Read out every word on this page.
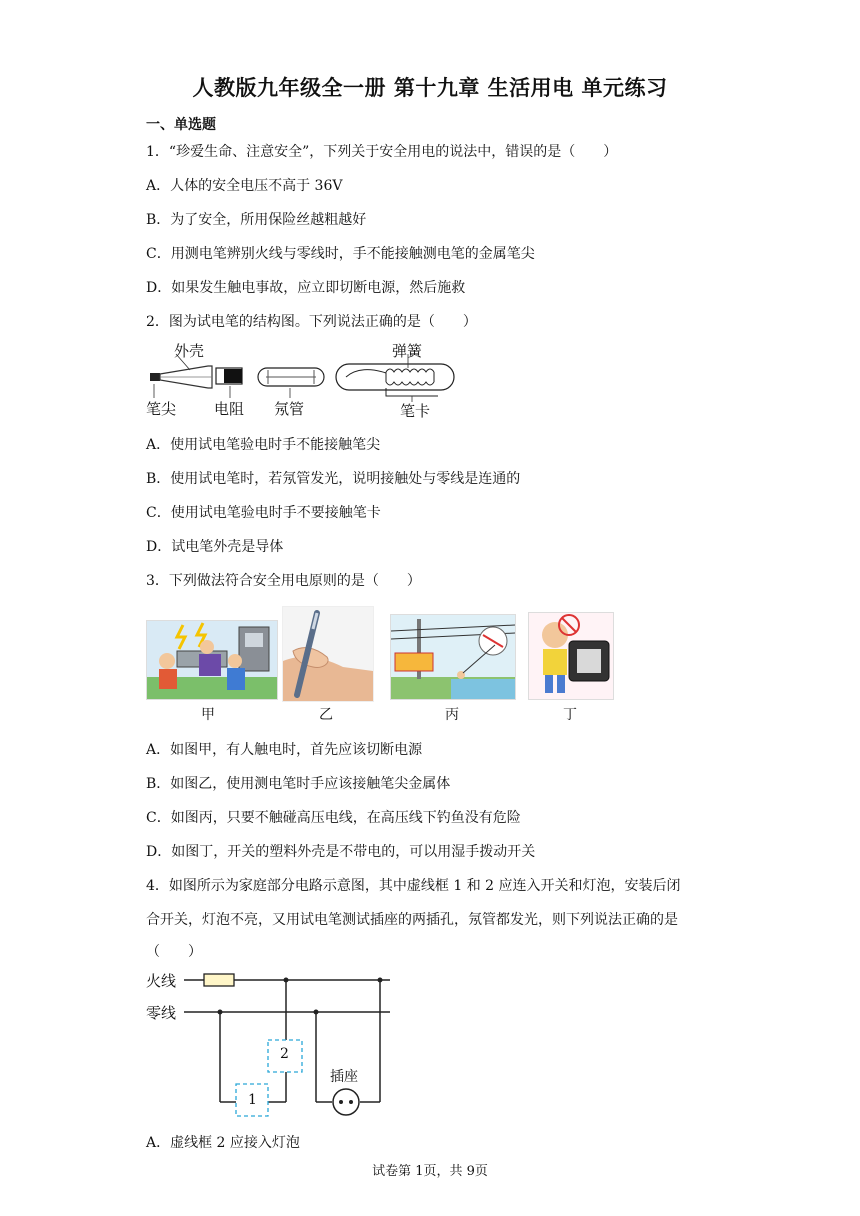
人教版九年级全一册 第十九章 生活用电 单元练习
一、单选题
1．“珍爱生命、注意安全”，下列关于安全用电的说法中，错误的是（　　）
A．人体的安全电压不高于 36V
B．为了安全，所用保险丝越粗越好
C．用测电笔辨别火线与零线时，手不能接触测电笔的金属笔尖
D．如果发生触电事故，应立即切断电源，然后施救
2．图为试电笔的结构图。下列说法正确的是（　　）
外壳	弹簧
笔尖	电阻 氖管	笔卡
A．使用试电笔验电时手不能接触笔尖
B．使用试电笔时，若氖管发光，说明接触处与零线是连通的
C．使用试电笔验电时手不要接触笔卡
D．试电笔外壳是导体
3．下列做法符合安全用电原则的是（　　）
甲	乙	丙	丁
A．如图甲，有人触电时，首先应该切断电源
B．如图乙，使用测电笔时手应该接触笔尖金属体
C．如图丙，只要不触碰高压电线，在高压线下钓鱼没有危险
D．如图丁，开关的塑料外壳是不带电的，可以用湿手拨动开关
4．如图所示为家庭部分电路示意图，其中虚线框 1 和 2 应连入开关和灯泡，安装后闭
合开关，灯泡不亮，又用试电笔测试插座的两插孔，氖管都发光，则下列说法正确的是
（　　）
火线
零线
2
1
插座
A．虚线框 2 应接入灯泡
试卷第 1页，共 9页
